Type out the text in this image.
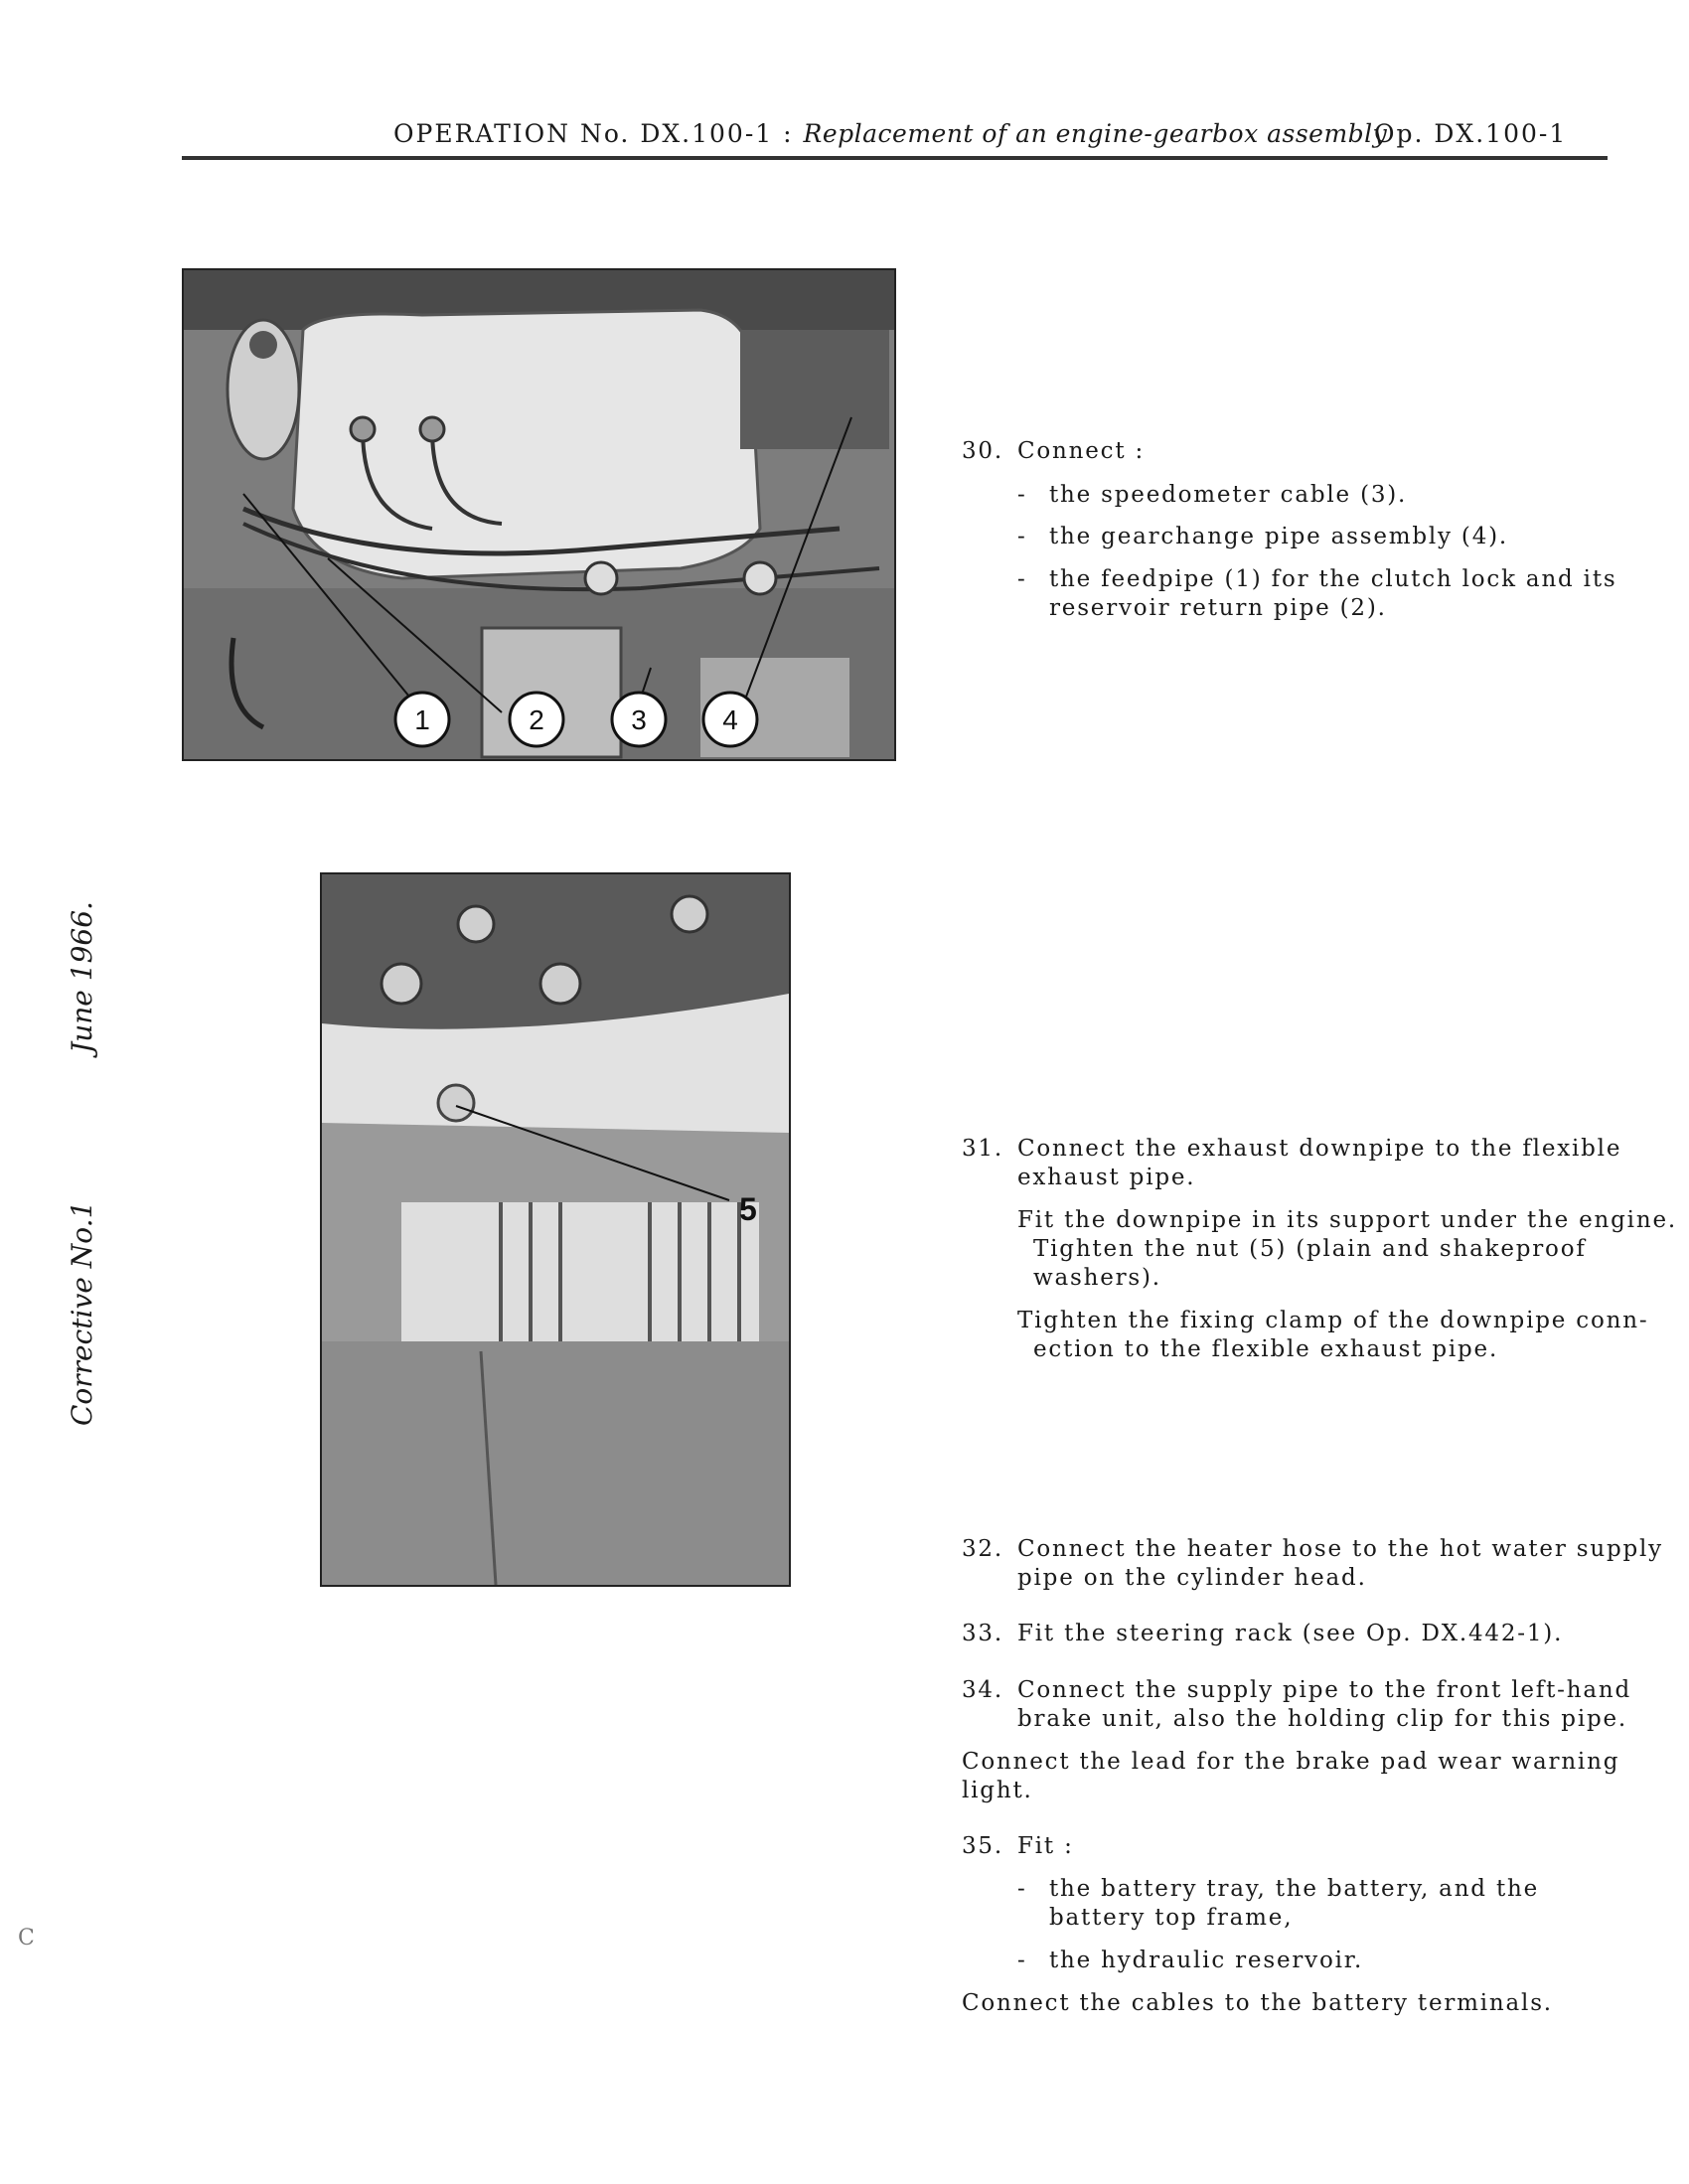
OPERATION No. DX.100-1 : Replacement of an engine-gearbox assembly
Op. DX.100-1
June 1966.
Corrective No.1
1	2	3	4
5
30. Connect :
- the speedometer cable (3).
- the gearchange pipe assembly (4).
- the feedpipe (1) for the clutch lock and its
reservoir return pipe (2).
31. Connect the exhaust downpipe to the flexible
exhaust pipe.
Fit the downpipe in its support under the engine.
Tighten the nut (5) (plain and shakeproof
washers).
Tighten the fixing clamp of the downpipe conn-
ection to the flexible exhaust pipe.
32. Connect the heater hose to the hot water supply
pipe on the cylinder head.
33. Fit the steering rack (see Op. DX.442-1).
34. Connect the supply pipe to the front left-hand
brake unit, also the holding clip for this pipe.
Connect the lead for the brake pad wear warning
light.
35. Fit :
- the battery tray, the battery, and the
battery top frame,
- the hydraulic reservoir.
Connect the cables to the battery terminals.
C
